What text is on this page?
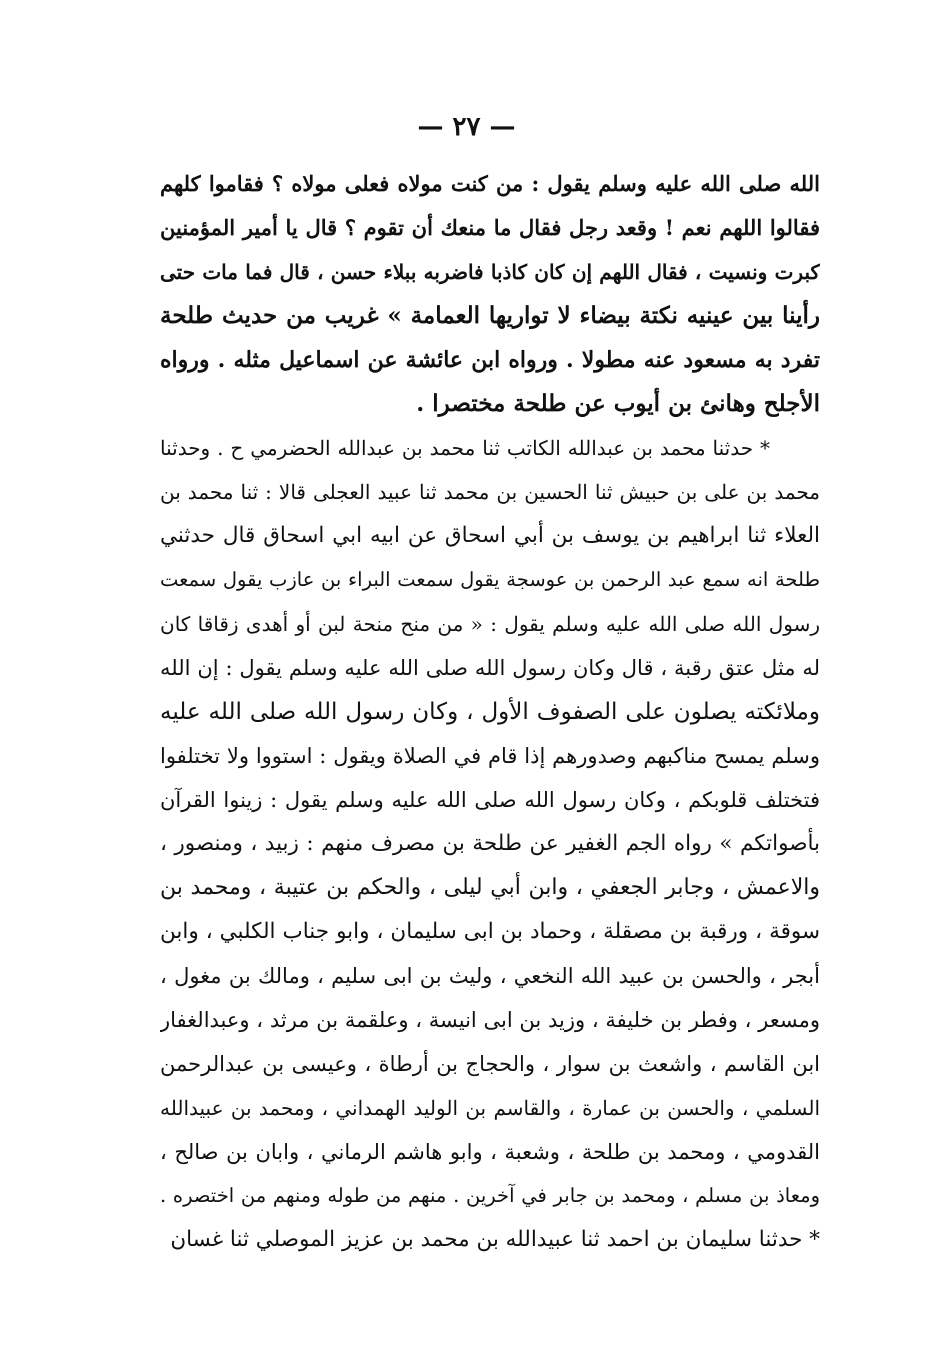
— ٢٧ —
الله صلى الله عليه وسلم يقول : من كنت مولاه فعلى مولاه ؟ فقاموا كلهم
فقالوا اللهم نعم ! وقعد رجل فقال ما منعك أن تقوم ؟ قال يا أمير المؤمنين
كبرت ونسيت ، فقال اللهم إن كان كاذبا فاضربه ببلاء حسن ، قال فما مات حتى
رأينا بين عينيه نكتة بيضاء لا تواريها العمامة » غريب من حديث طلحة
تفرد به مسعود عنه مطولا . ورواه ابن عائشة عن اسماعيل مثله . ورواه
الأجلح وهانئ بن أيوب عن طلحة مختصرا .
* حدثنا محمد بن عبدالله الكاتب ثنا محمد بن عبدالله الحضرمي ح . وحدثنا
محمد بن على بن حبيش ثنا الحسين بن محمد ثنا عبيد العجلى قالا : ثنا محمد بن
العلاء ثنا ابراهيم بن يوسف بن أبي اسحاق عن ابيه ابي اسحاق قال حدثني
طلحة انه سمع عبد الرحمن بن عوسجة يقول سمعت البراء بن عازب يقول سمعت
رسول الله صلى الله عليه وسلم يقول : « من منح منحة لبن أو أهدى زقاقا كان
له مثل عتق رقبة ، قال وكان رسول الله صلى الله عليه وسلم يقول : إن الله
وملائكته يصلون على الصفوف الأول ، وكان رسول الله صلى الله عليه
وسلم يمسح مناكبهم وصدورهم إذا قام في الصلاة ويقول : استووا ولا تختلفوا
فتختلف قلوبكم ، وكان رسول الله صلى الله عليه وسلم يقول : زينوا القرآن
بأصواتكم » رواه الجم الغفير عن طلحة بن مصرف منهم : زبيد ، ومنصور ،
والاعمش ، وجابر الجعفي ، وابن أبي ليلى ، والحكم بن عتيبة ، ومحمد بن
سوقة ، ورقبة بن مصقلة ، وحماد بن ابى سليمان ، وابو جناب الكلبي ، وابن
أبجر ، والحسن بن عبيد الله النخعي ، وليث بن ابى سليم ، ومالك بن مغول ،
ومسعر ، وفطر بن خليفة ، وزيد بن ابى انيسة ، وعلقمة بن مرثد ، وعبدالغفار
ابن القاسم ، واشعث بن سوار ، والحجاج بن أرطاة ، وعيسى بن عبدالرحمن
السلمي ، والحسن بن عمارة ، والقاسم بن الوليد الهمداني ، ومحمد بن عبيدالله
القدومي ، ومحمد بن طلحة ، وشعبة ، وابو هاشم الرماني ، وابان بن صالح ،
ومعاذ بن مسلم ، ومحمد بن جابر في آخرين . منهم من طوله ومنهم من اختصره .
* حدثنا سليمان بن احمد ثنا عبيدالله بن محمد بن عزيز الموصلي ثنا غسان
